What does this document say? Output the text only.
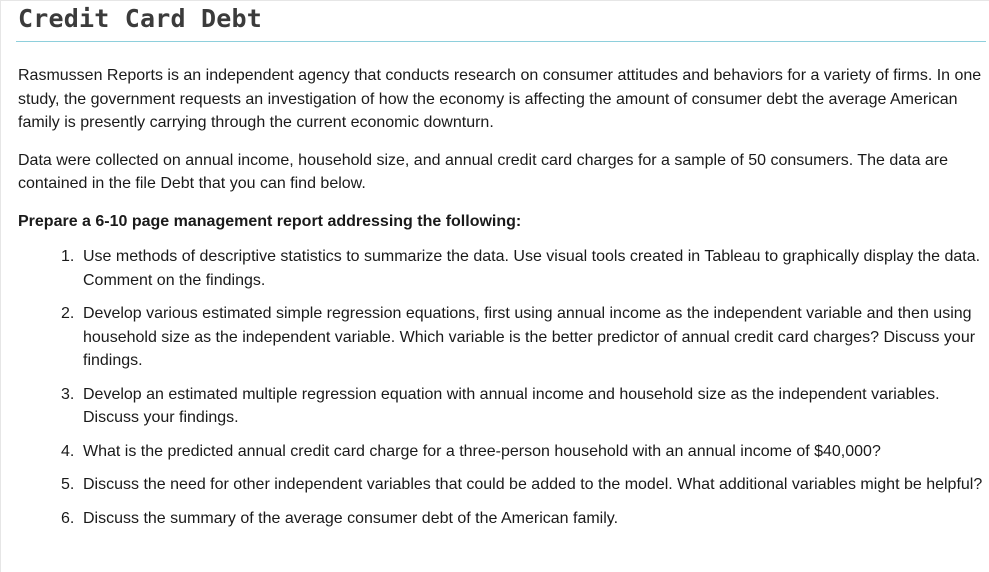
Credit Card Debt

Rasmussen Reports is an independent agency that conducts research on consumer attitudes and behaviors for a variety of firms. In one study, the government requests an investigation of how the economy is affecting the amount of consumer debt the average American family is presently carrying through the current economic downturn.

Data were collected on annual income, household size, and annual credit card charges for a sample of 50 consumers. The data are contained in the file Debt that you can find below.

Prepare a 6-10 page management report addressing the following:

1. Use methods of descriptive statistics to summarize the data. Use visual tools created in Tableau to graphically display the data. Comment on the findings.
2. Develop various estimated simple regression equations, first using annual income as the independent variable and then using household size as the independent variable. Which variable is the better predictor of annual credit card charges? Discuss your findings.
3. Develop an estimated multiple regression equation with annual income and household size as the independent variables. Discuss your findings.
4. What is the predicted annual credit card charge for a three-person household with an annual income of $40,000?
5. Discuss the need for other independent variables that could be added to the model. What additional variables might be helpful?
6. Discuss the summary of the average consumer debt of the American family.
